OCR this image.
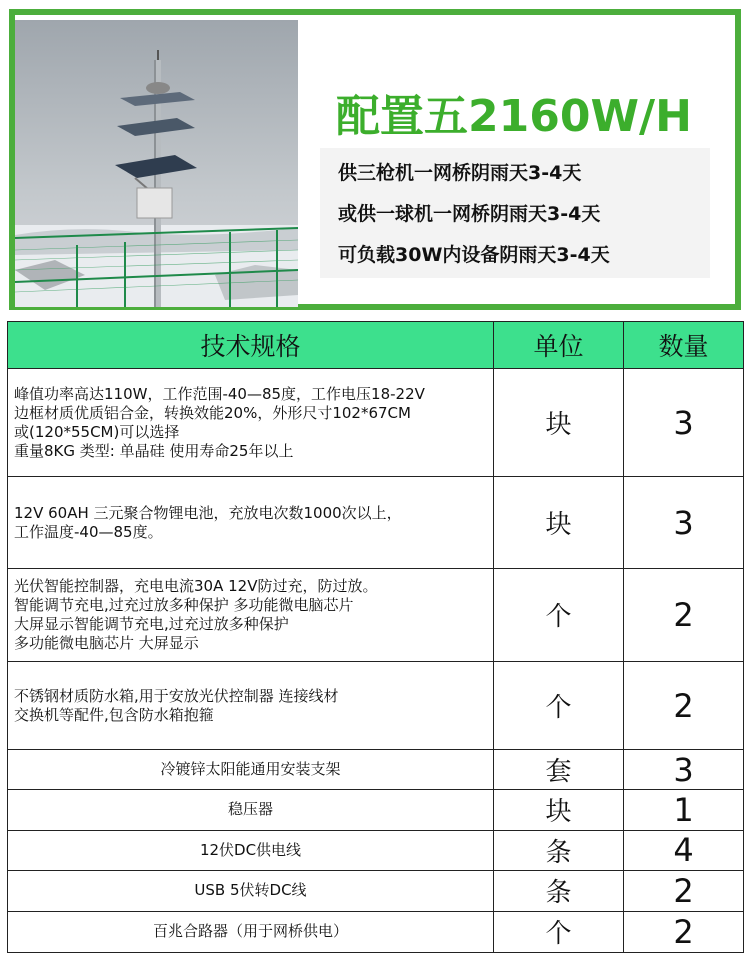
配置五2160W/H
供三枪机一网桥阴雨天3-4天
或供一球机一网桥阴雨天3-4天
可负载30W内设备阴雨天3-4天
技术规格	单位	数量

峰值功率高达110W，工作范围-40—85度，工作电压18-22V
边框材质优质铝合金，转换效能20%，外形尺寸102*67CM
或(120*55CM)可以选择
重量8KG 类型: 单晶硅 使用寿命25年以上	块	3

12V 60AH 三元聚合物锂电池，充放电次数1000次以上，
工作温度-40—85度。	块	3

光伏智能控制器，充电电流30A 12V防过充，防过放。
智能调节充电,过充过放多种保护 多功能微电脑芯片
大屏显示智能调节充电,过充过放多种保护
多功能微电脑芯片 大屏显示	个	2

不锈钢材质防水箱,用于安放光伏控制器 连接线材
交换机等配件,包含防水箱抱箍	个	2
冷镀锌太阳能通用安装支架	套	3
稳压器	块	1
12伏DC供电线	条	4
USB 5伏转DC线	条	2
百兆合路器（用于网桥供电）	个	2
